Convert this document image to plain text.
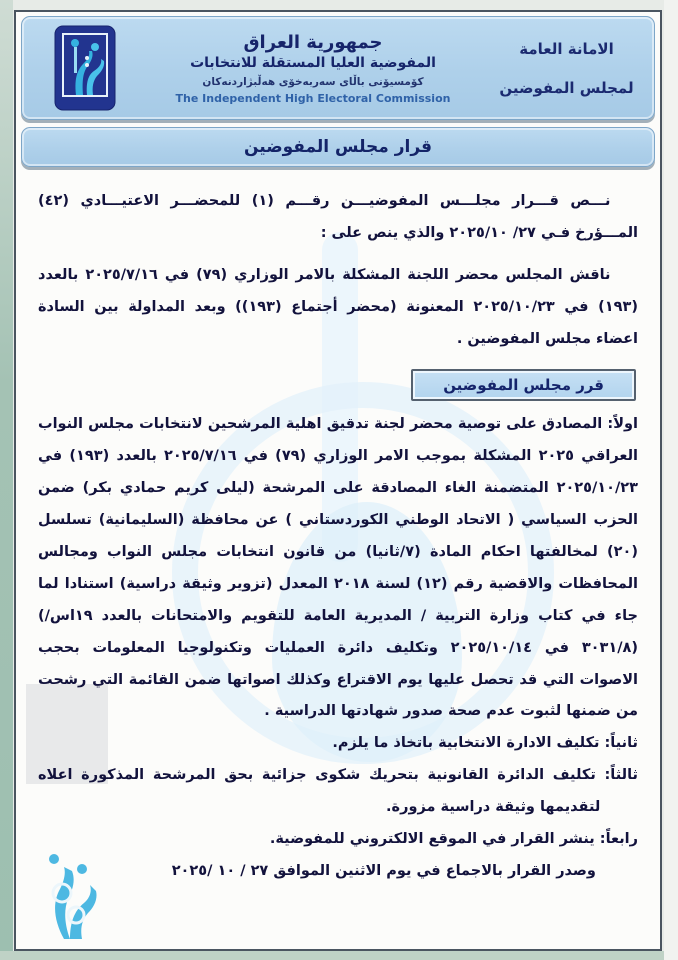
الامانة العامة
لمجلس المفوضين
جمهورية العراق
المفوضية العليا المستقلة للانتخابات
كۆمسيۆنى باڵاى سەربەخۆى هەڵبژاردنەكان
The Independent High Electoral Commission
قرار مجلس المفوضين

نـــص قـــرار مجلـــس المفوضيـــن رقـــم (١) للمحضـــر الاعتيـــادي (٤٢) المـــؤرخ فـي ٢٧/ ٢٠٢٥/١٠ والذي ينص على :

ناقش المجلس محضر اللجنة المشكلة بالامر الوزاري (٧٩) في ٢٠٢٥/٧/١٦ بالعدد (١٩٣) في ٢٠٢٥/١٠/٢٣ المعنونة (محضر أجتماع (١٩٣)) وبعد المداولة بين السادة اعضاء مجلس المفوضين .

قرر مجلس المفوضين

اولاً: المصادق على توصية محضر لجنة تدقيق اهلية المرشحين لانتخابات مجلس النواب العراقي ٢٠٢٥ المشكلة بموجب الامر الوزاري (٧٩) في ٢٠٢٥/٧/١٦ بالعدد (١٩٣) في ٢٠٢٥/١٠/٢٣ المتضمنة الغاء المصادقة على المرشحة (ليلى كريم حمادي بكر) ضمن الحزب السياسي ( الاتحاد الوطني الكوردستاني ) عن محافظة (السليمانية) تسلسل (٢٠) لمخالفتها احكام المادة (٧/ثانيا) من قانون انتخابات مجلس النواب ومجالس المحافظات والاقضية رقم (١٢) لسنة ٢٠١٨ المعدل (تزوير وثيقة دراسية) استنادا لما جاء في كتاب وزارة التربية / المديرية العامة للتقويم والامتحانات بالعدد (١٩اس/٣٠٣١/٨) في ٢٠٢٥/١٠/١٤ وتكليف دائرة العمليات وتكنولوجيا المعلومات بحجب الاصوات التي قد تحصل عليها يوم الاقتراع وكذلك اصواتها ضمن القائمة التي رشحت من ضمنها لثبوت عدم صحة صدور شهادتها الدراسية .

ثانياً: تكليف الادارة الانتخابية باتخاذ ما يلزم.

ثالثاً: تكليف الدائرة القانونية بتحريك شكوى جزائية بحق المرشحة المذكورة اعلاه لتقديمها وثيقة دراسية مزورة.

رابعاً: ينشر القرار في الموقع الالكتروني للمفوضية.

وصدر القرار بالاجماع في يوم الاثنين الموافق ٢٧ / ١٠ /٢٠٢٥
